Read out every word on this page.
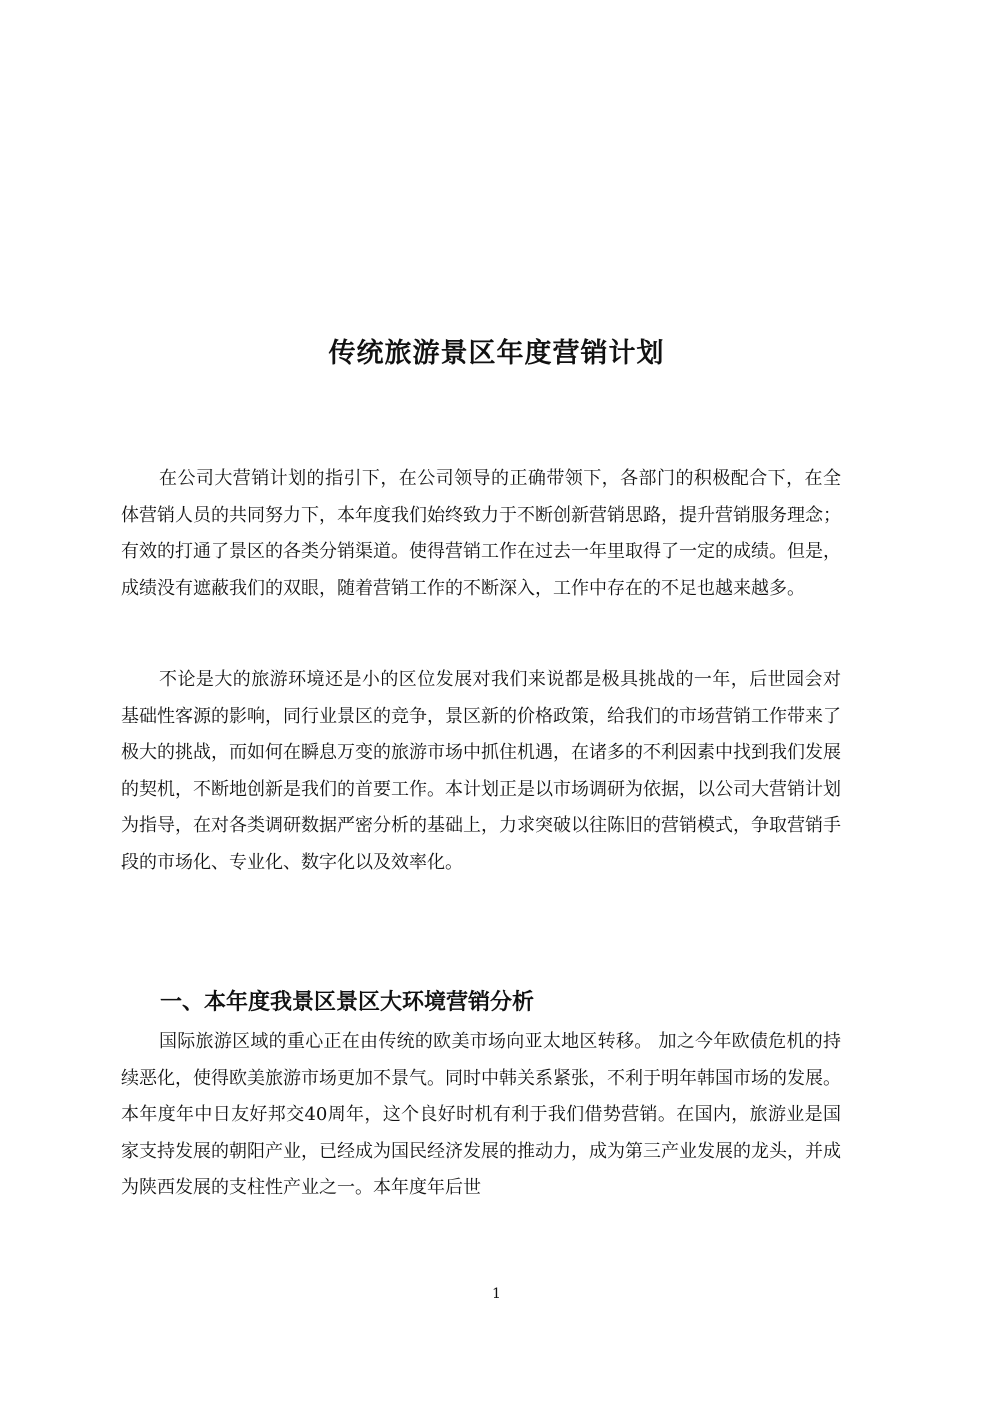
传统旅游景区年度营销计划

在公司大营销计划的指引下，在公司领导的正确带领下，各部门的积极配合下，在全体营销人员的共同努力下，本年度我们始终致力于不断创新营销思路，提升营销服务理念；有效的打通了景区的各类分销渠道。使得营销工作在过去一年里取得了一定的成绩。但是，成绩没有遮蔽我们的双眼，随着营销工作的不断深入，工作中存在的不足也越来越多。

不论是大的旅游环境还是小的区位发展对我们来说都是极具挑战的一年，后世园会对基础性客源的影响，同行业景区的竞争，景区新的价格政策，给我们的市场营销工作带来了极大的挑战，而如何在瞬息万变的旅游市场中抓住机遇，在诸多的不利因素中找到我们发展的契机，不断地创新是我们的首要工作。本计划正是以市场调研为依据，以公司大营销计划为指导，在对各类调研数据严密分析的基础上，力求突破以往陈旧的营销模式，争取营销手段的市场化、专业化、数字化以及效率化。

一、本年度我景区景区大环境营销分析

国际旅游区域的重心正在由传统的欧美市场向亚太地区转移。 加之今年欧债危机的持续恶化，使得欧美旅游市场更加不景气。同时中韩关系紧张，不利于明年韩国市场的发展。本年度年中日友好邦交40周年，这个良好时机有利于我们借势营销。在国内，旅游业是国家支持发展的朝阳产业，已经成为国民经济发展的推动力，成为第三产业发展的龙头，并成为陕西发展的支柱性产业之一。本年度年后世

1
